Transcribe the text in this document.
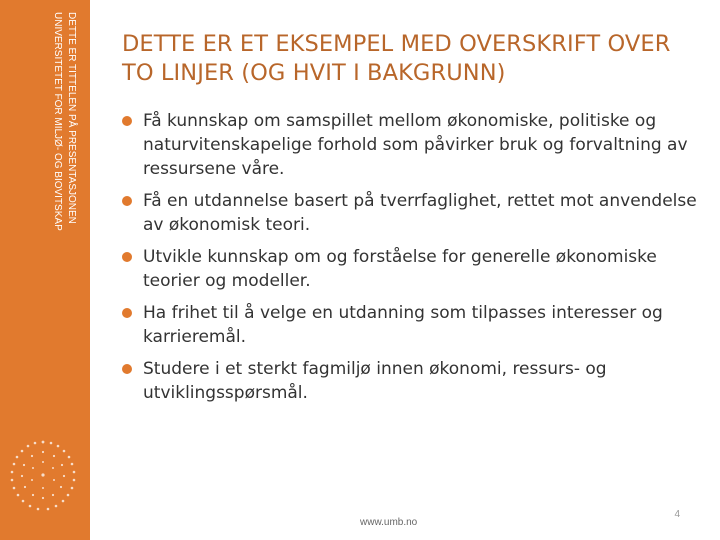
DETTE ER TITTELEN PÅ PRESENTASJONEN
UNIVERSITETET FOR MILJØ- OG BIOVITSKAP	DETTE ER ET EKSEMPEL MED OVERSKRIFT OVER TO LINJER (OG HVIT I BAKGRUNN)
Få kunnskap om samspillet mellom økonomiske, politiske og naturvitenskapelige forhold som påvirker bruk og forvaltning av ressursene våre.
Få en utdannelse basert på tverrfaglighet, rettet mot anvendelse av økonomisk teori.
Utvikle kunnskap om og forståelse for generelle økonomiske teorier og modeller.
Ha frihet til å velge en utdanning som tilpasses interesser og karrieremål.
Studere i et sterkt fagmiljø innen økonomi, ressurs- og utviklingsspørsmål.
www.umb.no
4
